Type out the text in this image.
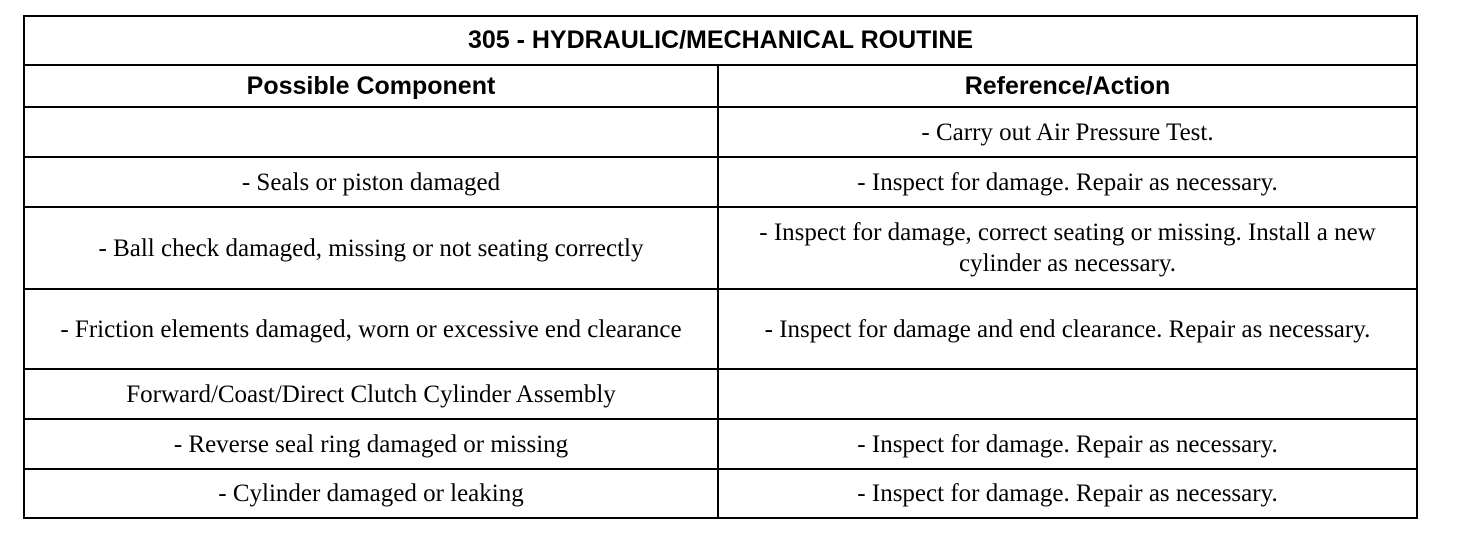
305 - HYDRAULIC/MECHANICAL ROUTINE	
Possible Component	Reference/Action
	- Carry out Air Pressure Test.
- Seals or piston damaged	- Inspect for damage. Repair as necessary.
- Ball check damaged, missing or not seating correctly	- Inspect for damage, correct seating or missing. Install a new cylinder as necessary.
- Friction elements damaged, worn or excessive end clearance	- Inspect for damage and end clearance. Repair as necessary.
Forward/Coast/Direct Clutch Cylinder Assembly	
- Reverse seal ring damaged or missing	- Inspect for damage. Repair as necessary.
- Cylinder damaged or leaking	- Inspect for damage. Repair as necessary.
